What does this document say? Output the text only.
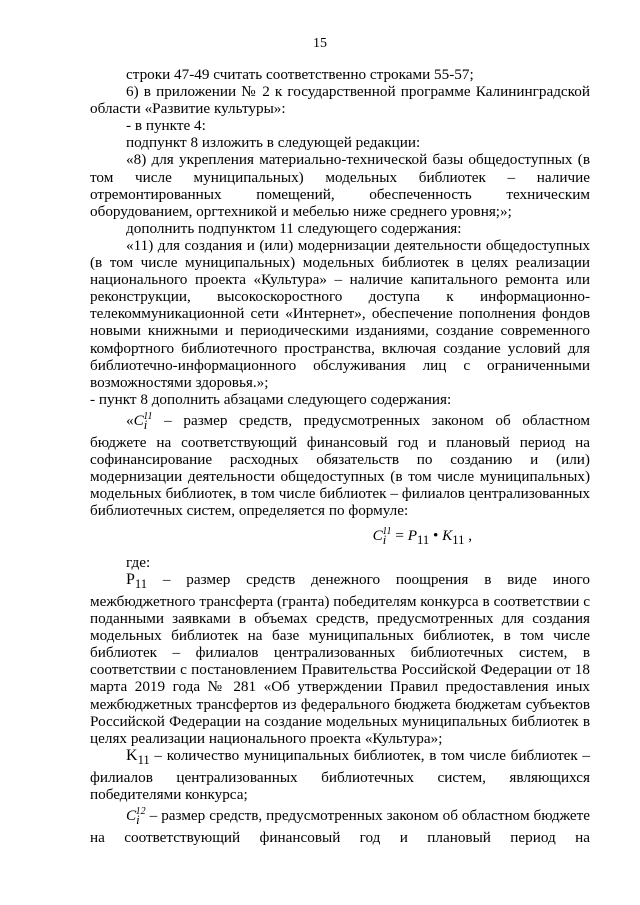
15

строки 47-49 считать соответственно строками 55-57;

6) в приложении № 2 к государственной программе Калининградской области «Развитие культуры»:

- в пункте 4:

подпункт 8 изложить в следующей редакции:

«8) для укрепления материально-технической базы общедоступных (в том числе муниципальных) модельных библиотек – наличие отремонтированных помещений, обеспеченность техническим оборудованием, оргтехникой и мебелью ниже среднего уровня;»;

дополнить подпунктом 11 следующего содержания:

«11) для создания и (или) модернизации деятельности общедоступных (в том числе муниципальных) модельных библиотек в целях реализации национального проекта «Культура» – наличие капитального ремонта или реконструкции, высокоскоростного доступа к информационно-телекоммуникационной сети «Интернет», обеспечение пополнения фондов новыми книжными и периодическими изданиями, создание современного комфортного библиотечного пространства, включая создание условий для библиотечно-информационного обслуживания лиц с ограниченными возможностями здоровья.»;

- пункт 8 дополнить абзацами следующего содержания:

«$C_i^{11}$ – размер средств, предусмотренных законом об областном бюджете на соответствующий финансовый год и плановый период на софинансирование расходных обязательств по созданию и (или) модернизации деятельности общедоступных (в том числе муниципальных) модельных библиотек, в том числе библиотек – филиалов централизованных библиотечных систем, определяется по формуле:

$C_i^{11} = P_{11}$ • $K_{11}$ ,

где:

$P_{11}$ – размер средств денежного поощрения в виде иного межбюджетного трансферта (гранта) победителям конкурса в соответствии с поданными заявками в объемах средств, предусмотренных для создания модельных библиотек на базе муниципальных библиотек, в том числе библиотек – филиалов централизованных библиотечных систем, в соответствии с постановлением Правительства Российской Федерации от 18 марта 2019 года № 281 «Об утверждении Правил предоставления иных межбюджетных трансфертов из федерального бюджета бюджетам субъектов Российской Федерации на создание модельных муниципальных библиотек в целях реализации национального проекта «Культура»;

$K_{11}$ – количество муниципальных библиотек, в том числе библиотек – филиалов централизованных библиотечных систем, являющихся победителями конкурса;

$C_i^{12}$ – размер средств, предусмотренных законом об областном бюджете на соответствующий финансовый год и плановый период на
